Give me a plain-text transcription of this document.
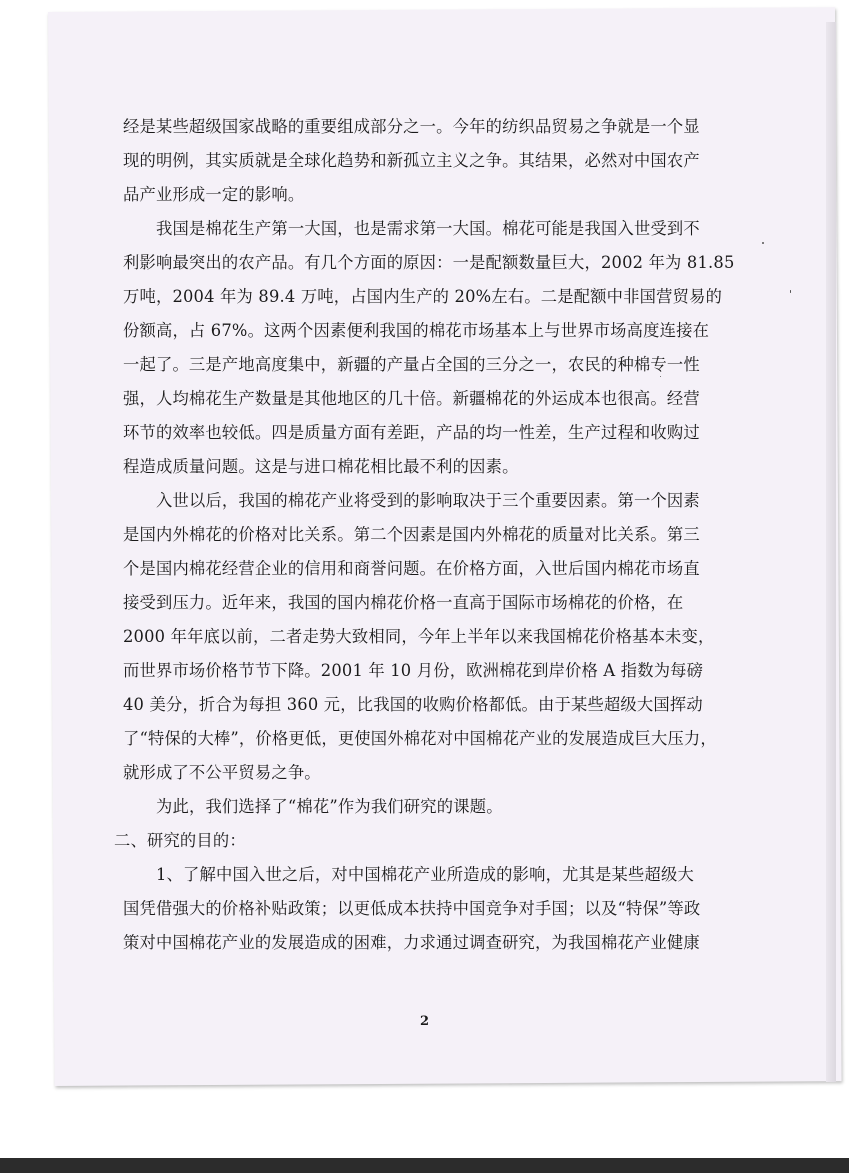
经是某些超级国家战略的重要组成部分之一。今年的纺织品贸易之争就是一个显
现的明例，其实质就是全球化趋势和新孤立主义之争。其结果，必然对中国农产
品产业形成一定的影响。
我国是棉花生产第一大国，也是需求第一大国。棉花可能是我国入世受到不
利影响最突出的农产品。有几个方面的原因：一是配额数量巨大，2002 年为 81.85
万吨，2004 年为 89.4 万吨，占国内生产的 20%左右。二是配额中非国营贸易的
份额高，占 67%。这两个因素便利我国的棉花市场基本上与世界市场高度连接在
一起了。三是产地高度集中，新疆的产量占全国的三分之一，农民的种棉专一性
强，人均棉花生产数量是其他地区的几十倍。新疆棉花的外运成本也很高。经营
环节的效率也较低。四是质量方面有差距，产品的均一性差，生产过程和收购过
程造成质量问题。这是与进口棉花相比最不利的因素。
入世以后，我国的棉花产业将受到的影响取决于三个重要因素。第一个因素
是国内外棉花的价格对比关系。第二个因素是国内外棉花的质量对比关系。第三
个是国内棉花经营企业的信用和商誉问题。在价格方面，入世后国内棉花市场直
接受到压力。近年来，我国的国内棉花价格一直高于国际市场棉花的价格，在
2000 年年底以前，二者走势大致相同，今年上半年以来我国棉花价格基本未变，
而世界市场价格节节下降。2001 年 10 月份，欧洲棉花到岸价格 A 指数为每磅
40 美分，折合为每担 360 元，比我国的收购价格都低。由于某些超级大国挥动
了“特保的大棒”，价格更低，更使国外棉花对中国棉花产业的发展造成巨大压力，
就形成了不公平贸易之争。
为此，我们选择了“棉花”作为我们研究的课题。
二、研究的目的：
1、了解中国入世之后，对中国棉花产业所造成的影响，尤其是某些超级大
国凭借强大的价格补贴政策；以更低成本扶持中国竞争对手国；以及“特保”等政
策对中国棉花产业的发展造成的困难，力求通过调查研究，为我国棉花产业健康
2
